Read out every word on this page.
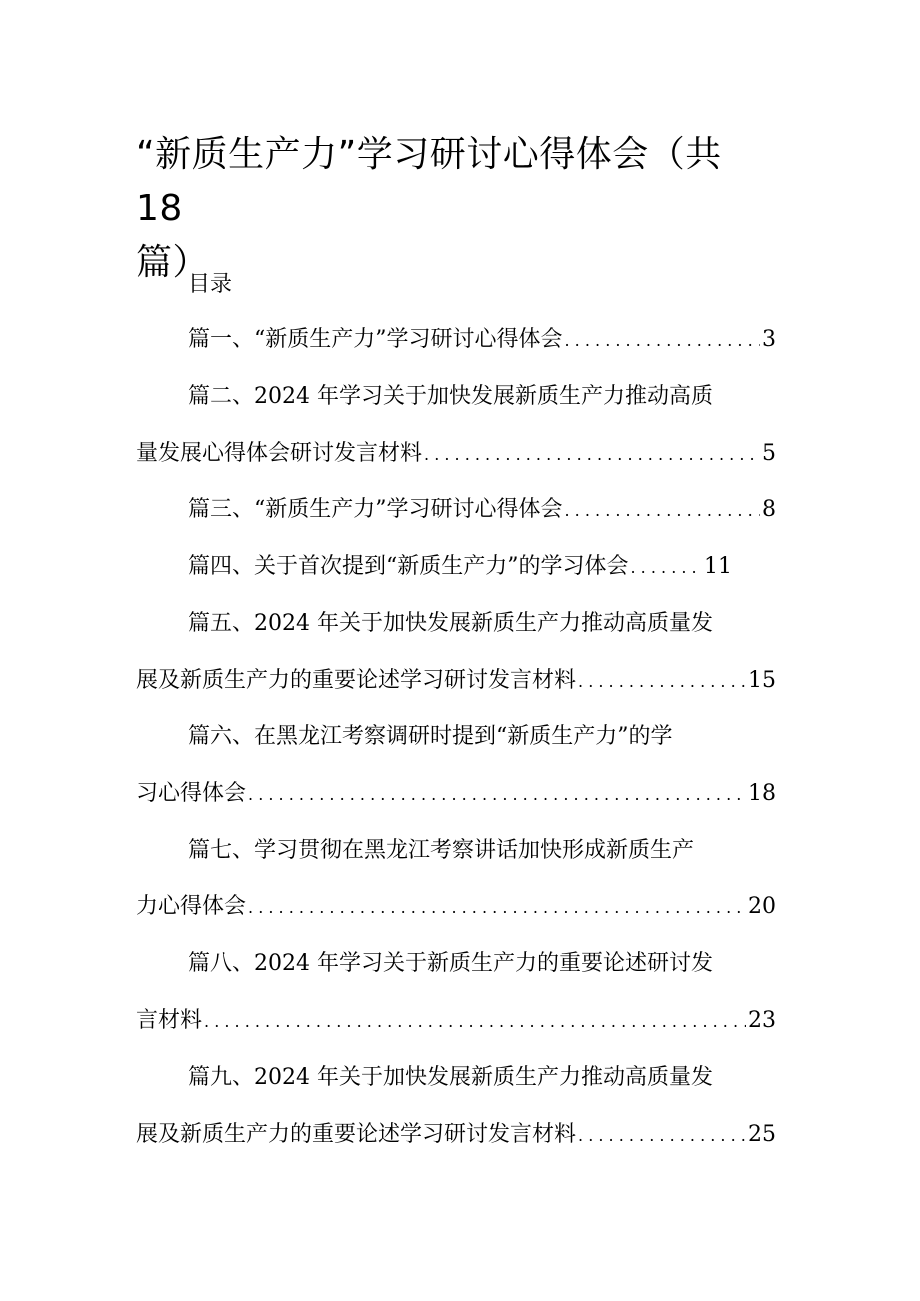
“新质生产力”学习研讨心得体会（共 18
篇）
目录
篇一、“新质生产力”学习研讨心得体会 . . .	3
篇二、2024 年学习关于加快发展新质生产力推动高质
量发展心得体会研讨发言材料 . . .	5
篇三、“新质生产力”学习研讨心得体会 . . .	8
篇四、关于首次提到“新质生产力”的学习体会 . . .	11
篇五、2024 年关于加快发展新质生产力推动高质量发
展及新质生产力的重要论述学习研讨发言材料 . . .	15
篇六、在黑龙江考察调研时提到“新质生产力”的学
习心得体会 . . .	18
篇七、学习贯彻在黑龙江考察讲话加快形成新质生产
力心得体会 . . .	20
篇八、2024 年学习关于新质生产力的重要论述研讨发
言材料 . . .	23
篇九、2024 年关于加快发展新质生产力推动高质量发
展及新质生产力的重要论述学习研讨发言材料 . . .	25
